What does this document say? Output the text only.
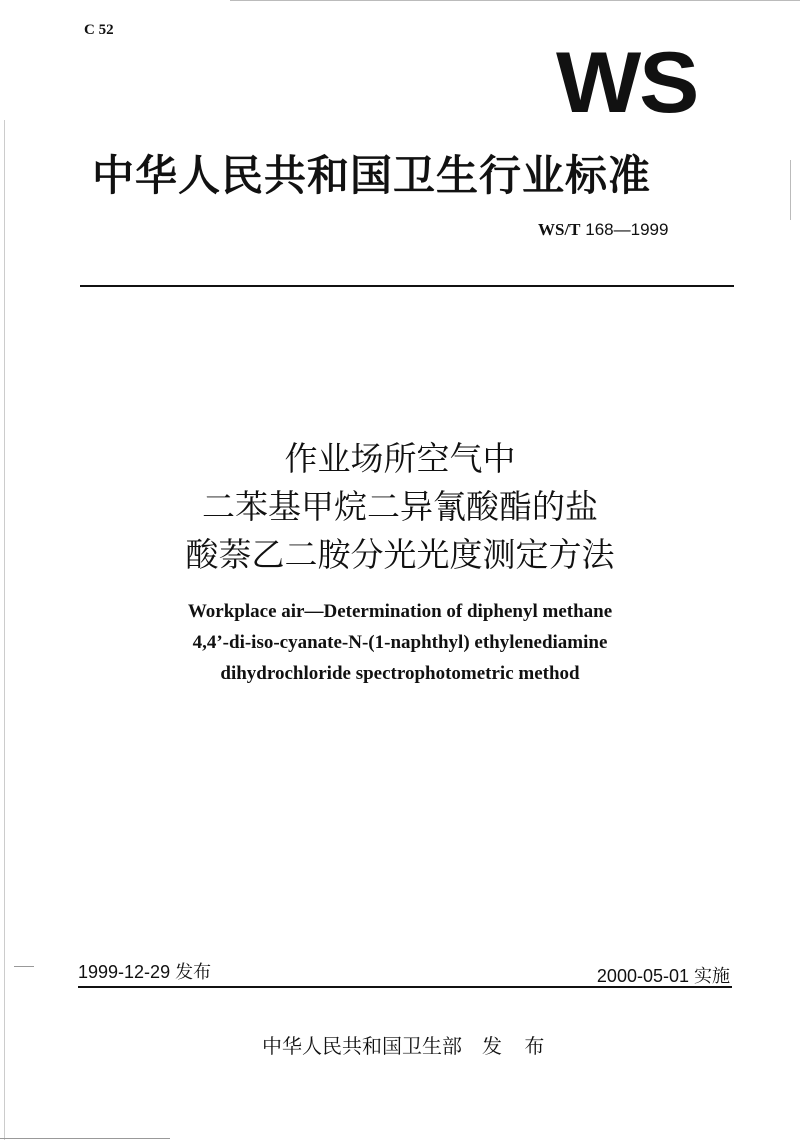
C 52
WS
中华人民共和国卫生行业标准
WS/T 168—1999
作业场所空气中
二苯基甲烷二异氰酸酯的盐
酸萘乙二胺分光光度测定方法
Workplace air—Determination of diphenyl methane
4,4’-di-iso-cyanate-N-(1-naphthyl) ethylenediamine
dihydrochloride spectrophotometric method
1999-12-29 发布	2000-05-01 实施
中华人民共和国卫生部 发 布
